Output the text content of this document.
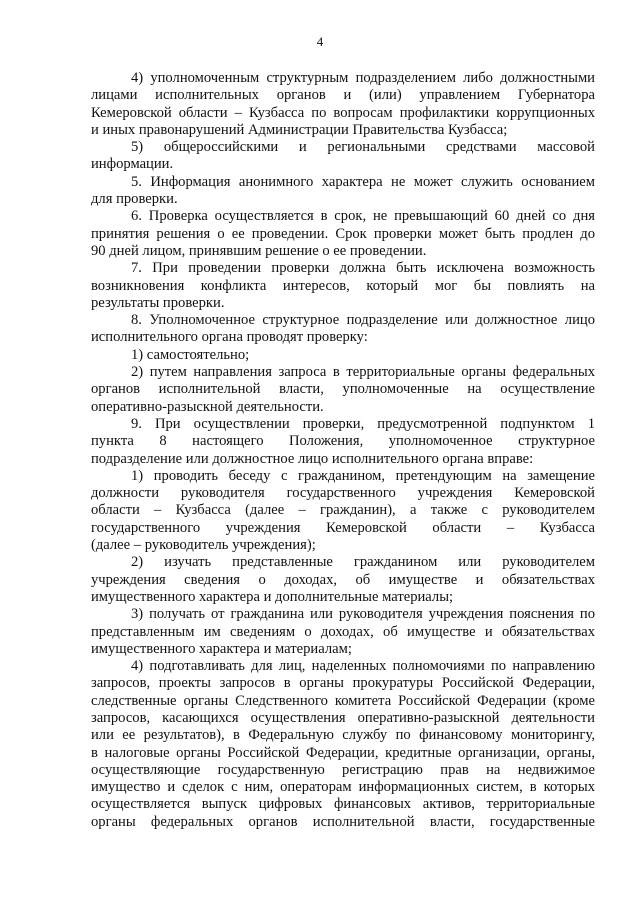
4
4) уполномоченным структурным подразделением либо должностными
лицами исполнительных органов и (или) управлением Губернатора
Кемеровской области – Кузбасса по вопросам профилактики коррупционных
и иных правонарушений Администрации Правительства Кузбасса;
5) общероссийскими и региональными средствами массовой
информации.
5. Информация анонимного характера не может служить основанием
для проверки.
6. Проверка осуществляется в срок, не превышающий 60 дней со дня
принятия решения о ее проведении. Срок проверки может быть продлен до
90 дней лицом, принявшим решение о ее проведении.
7. При проведении проверки должна быть исключена возможность
возникновения конфликта интересов, который мог бы повлиять на
результаты проверки.
8. Уполномоченное структурное подразделение или должностное лицо
исполнительного органа проводят проверку:
1) самостоятельно;
2) путем направления запроса в территориальные органы федеральных
органов исполнительной власти, уполномоченные на осуществление
оперативно-разыскной деятельности.
9. При осуществлении проверки, предусмотренной подпунктом 1
пункта 8 настоящего Положения, уполномоченное структурное
подразделение или должностное лицо исполнительного органа вправе:
1) проводить беседу с гражданином, претендующим на замещение
должности руководителя государственного учреждения Кемеровской
области – Кузбасса (далее – гражданин), а также с руководителем
государственного учреждения Кемеровской области – Кузбасса
(далее – руководитель учреждения);
2) изучать представленные гражданином или руководителем
учреждения сведения о доходах, об имуществе и обязательствах
имущественного характера и дополнительные материалы;
3) получать от гражданина или руководителя учреждения пояснения по
представленным им сведениям о доходах, об имуществе и обязательствах
имущественного характера и материалам;
4) подготавливать для лиц, наделенных полномочиями по направлению
запросов, проекты запросов в органы прокуратуры Российской Федерации,
следственные органы Следственного комитета Российской Федерации (кроме
запросов, касающихся осуществления оперативно-разыскной деятельности
или ее результатов), в Федеральную службу по финансовому мониторингу,
в налоговые органы Российской Федерации, кредитные организации, органы,
осуществляющие государственную регистрацию прав на недвижимое
имущество и сделок с ним, операторам информационных систем, в которых
осуществляется выпуск цифровых финансовых активов, территориальные
органы федеральных органов исполнительной власти, государственные
